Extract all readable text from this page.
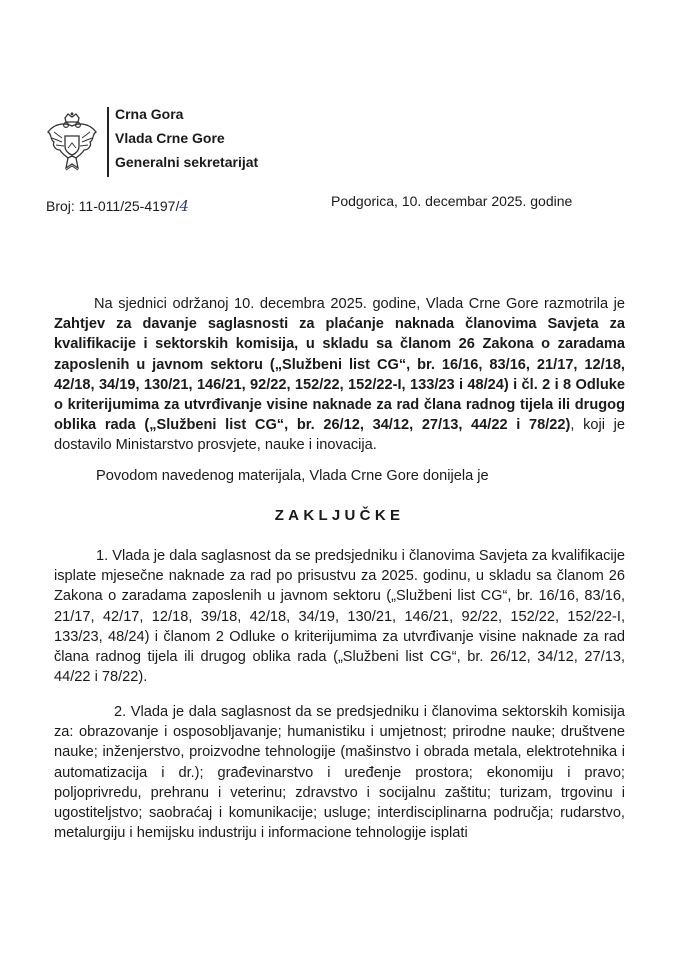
Crna Gora
Vlada Crne Gore
Generalni sekretarijat
Broj: 11-011/25-4197/4	Podgorica, 10. decembar 2025. godine
Na sjednici održanoj 10. decembra 2025. godine, Vlada Crne Gore razmotrila je Zahtjev za davanje saglasnosti za plaćanje naknada članovima Savjeta za kvalifikacije i sektorskih komisija, u skladu sa članom 26 Zakona o zaradama zaposlenih u javnom sektoru („Službeni list CG“, br. 16/16, 83/16, 21/17, 12/18, 42/18, 34/19, 130/21, 146/21, 92/22, 152/22, 152/22-I, 133/23 i 48/24) i čl. 2 i 8 Odluke o kriterijumima za utvrđivanje visine naknade za rad člana radnog tijela ili drugog oblika rada („Službeni list CG“, br. 26/12, 34/12, 27/13, 44/22 i 78/22), koji je dostavilo Ministarstvo prosvjete, nauke i inovacija.
Povodom navedenog materijala, Vlada Crne Gore donijela je
ZAKLJUČKE
1. Vlada je dala saglasnost da se predsjedniku i članovima Savjeta za kvalifikacije isplate mjesečne naknade za rad po prisustvu za 2025. godinu, u skladu sa članom 26 Zakona o zaradama zaposlenih u javnom sektoru („Službeni list CG“, br. 16/16, 83/16, 21/17, 42/17, 12/18, 39/18, 42/18, 34/19, 130/21, 146/21, 92/22, 152/22, 152/22-I, 133/23, 48/24) i članom 2 Odluke o kriterijumima za utvrđivanje visine naknade za rad člana radnog tijela ili drugog oblika rada („Službeni list CG“, br. 26/12, 34/12, 27/13, 44/22 i 78/22).
2. Vlada je dala saglasnost da se predsjedniku i članovima sektorskih komisija za: obrazovanje i osposobljavanje; humanistiku i umjetnost; prirodne nauke; društvene nauke; inženjerstvo, proizvodne tehnologije (mašinstvo i obrada metala, elektrotehnika i automatizacija i dr.); građevinarstvo i uređenje prostora; ekonomiju i pravo; poljoprivredu, prehranu i veterinu; zdravstvo i socijalnu zaštitu; turizam, trgovinu i ugostiteljstvo; saobraćaj i komunikacije; usluge; interdisciplinarna područja; rudarstvo, metalurgiju i hemijsku industriju i informacione tehnologije isplati
